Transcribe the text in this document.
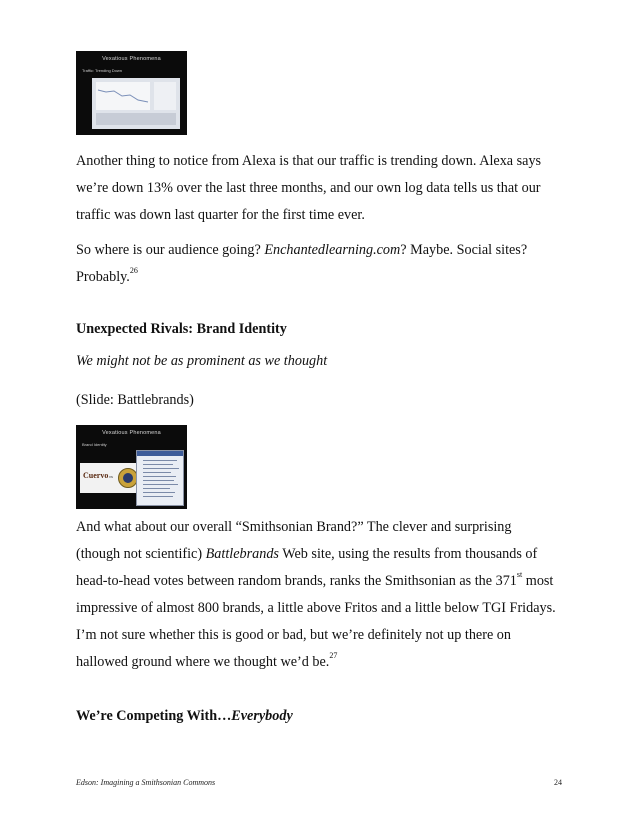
Vexatious Phenomena
Traffic: Trending Down

Another thing to notice from Alexa is that our traffic is trending down. Alexa says we’re down 13% over the last three months, and our own log data tells us that our traffic was down last quarter for the first time ever.

So where is our audience going? Enchantedlearning.com? Maybe. Social sites? Probably.$^{26}$

Unexpected Rivals: Brand Identity

We might not be as prominent as we thought

(Slide: Battlebrands)

Vexatious Phenomena
Brand Identity
Cuervo vs

And what about our overall “Smithsonian Brand?” The clever and surprising (though not scientific) Battlebrands Web site, using the results from thousands of head-to-head votes between random brands, ranks the Smithsonian as the 371st most impressive of almost 800 brands, a little above Fritos and a little below TGI Fridays. I’m not sure whether this is good or bad, but we’re definitely not up there on hallowed ground where we thought we’d be.$^{27}$

We’re Competing With…Everybody

Edson: Imagining a Smithsonian Commons	24
